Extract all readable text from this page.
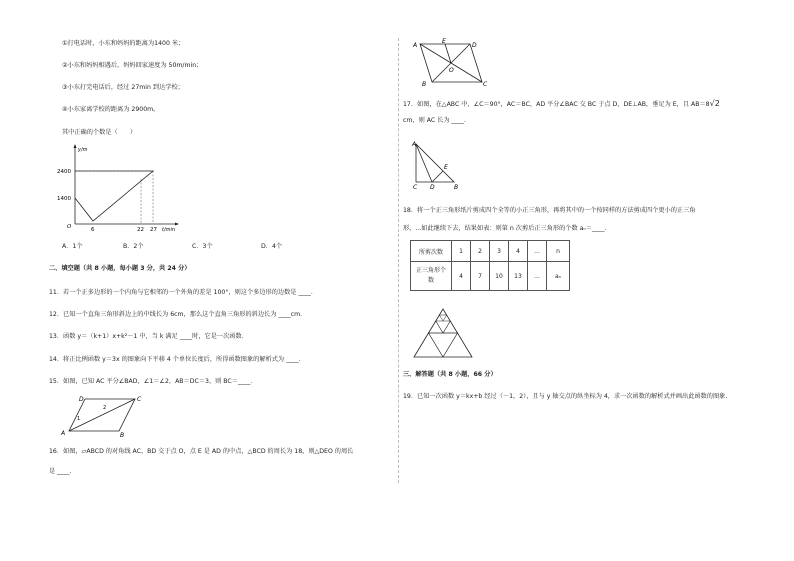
①打电话时，小东和妈妈的距离为1400 米；
②小东和妈妈相遇后，妈妈回家速度为 50m/min；
③小东打完电话后，经过 27min 到达学校；
④小东家离学校的距离为 2900m。
其中正确的个数是（　　）
y/m
2400
1400
O	6	22 27 t/min
A．1个	B．2个	C．3个	D．4个
二、填空题（共 8 小题，每小题 3 分，共 24 分）
11．若一个正多边形的一个内角与它相邻的一个外角的差是 100°，则这个多边形的边数是 ____．
12．已知一个直角三角形斜边上的中线长为 6cm，那么这个直角三角形的斜边长为 ____cm．
13．函数 y＝（k+1）x+k²－1 中，当 k 满足 ____时，它是一次函数．
14．将正比例函数 y＝3x 的图象向下平移 4 个单位长度后，所得函数图象的解析式为 ____．
15．如图，已知 AC 平分∠BAD，∠1＝∠2，AB＝DC＝3，则 BC＝____．
D	C
A	B
1
2
16．如图，▱ABCD 的对角线 AC、BD 交于点 O，点 E 是 AD 的中点，△BCD 的周长为 18，则△DEO 的周长
是 ____.
A
E
D
O
B	C
17．如图，在△ABC 中，∠C＝90°，AC＝BC，AD 平分∠BAC 交 BC 于点 D，DE⊥AB，垂足为 E，且 AB＝8√2
cm，则 AC 长为 ____.
A
E
C D	B
18．将一个正三角形纸片剪成四个全等的小正三角形，再将其中的一个按同样的方法剪成四个更小的正三角
形，...如此继续下去，结果如表：则第 n 次剪后正三角形的个数 aₙ＝____．
所剪次数	1	2	3	4	…	n
正三角形个
数	4	7	10	13	…	aₙ
三、解答题（共 8 小题，66 分）
19．已知一次函数 y＝kx+b 经过（－1，2），且与 y 轴交点的纵坐标为 4，求一次函数的解析式并画出此函数的图象.
